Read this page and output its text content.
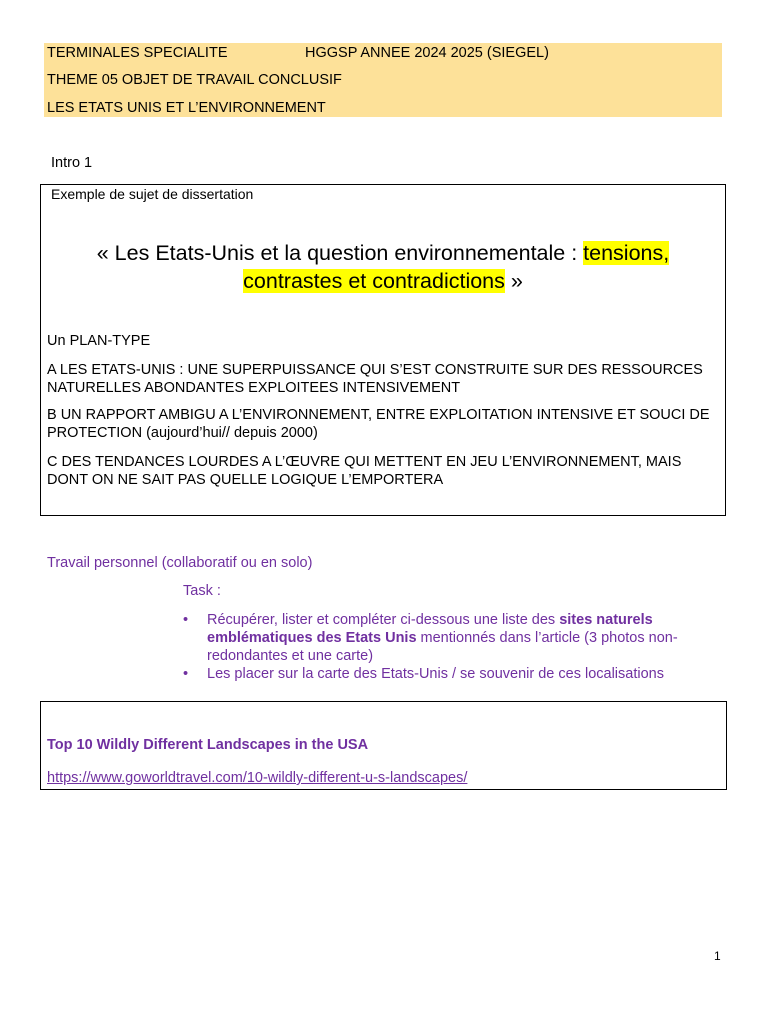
TERMINALES SPECIALITE	HGGSP ANNEE 2024 2025 (SIEGEL)
THEME 05 OBJET DE TRAVAIL CONCLUSIF
LES ETATS UNIS ET L’ENVIRONNEMENT
Intro 1
Exemple de sujet de dissertation
« Les Etats-Unis et la question environnementale : tensions,
contrastes et contradictions »
Un PLAN-TYPE
A LES ETATS-UNIS : UNE SUPERPUISSANCE QUI S’EST CONSTRUITE SUR DES RESSOURCES NATURELLES ABONDANTES EXPLOITEES INTENSIVEMENT
B UN RAPPORT AMBIGU A L’ENVIRONNEMENT, ENTRE EXPLOITATION INTENSIVE ET SOUCI DE PROTECTION (aujourd’hui// depuis 2000)
C DES TENDANCES LOURDES A L’ŒUVRE QUI METTENT EN JEU L’ENVIRONNEMENT, MAIS DONT ON NE SAIT PAS QUELLE LOGIQUE L’EMPORTERA
Travail personnel (collaboratif ou en solo)
Task :
• Récupérer, lister et compléter ci-dessous une liste des sites naturels emblématiques des Etats Unis mentionnés dans l’article (3 photos non-redondantes et une carte)
• Les placer sur la carte des Etats-Unis / se souvenir de ces localisations
Top 10 Wildly Different Landscapes in the USA
https://www.goworldtravel.com/10-wildly-different-u-s-landscapes/
1
